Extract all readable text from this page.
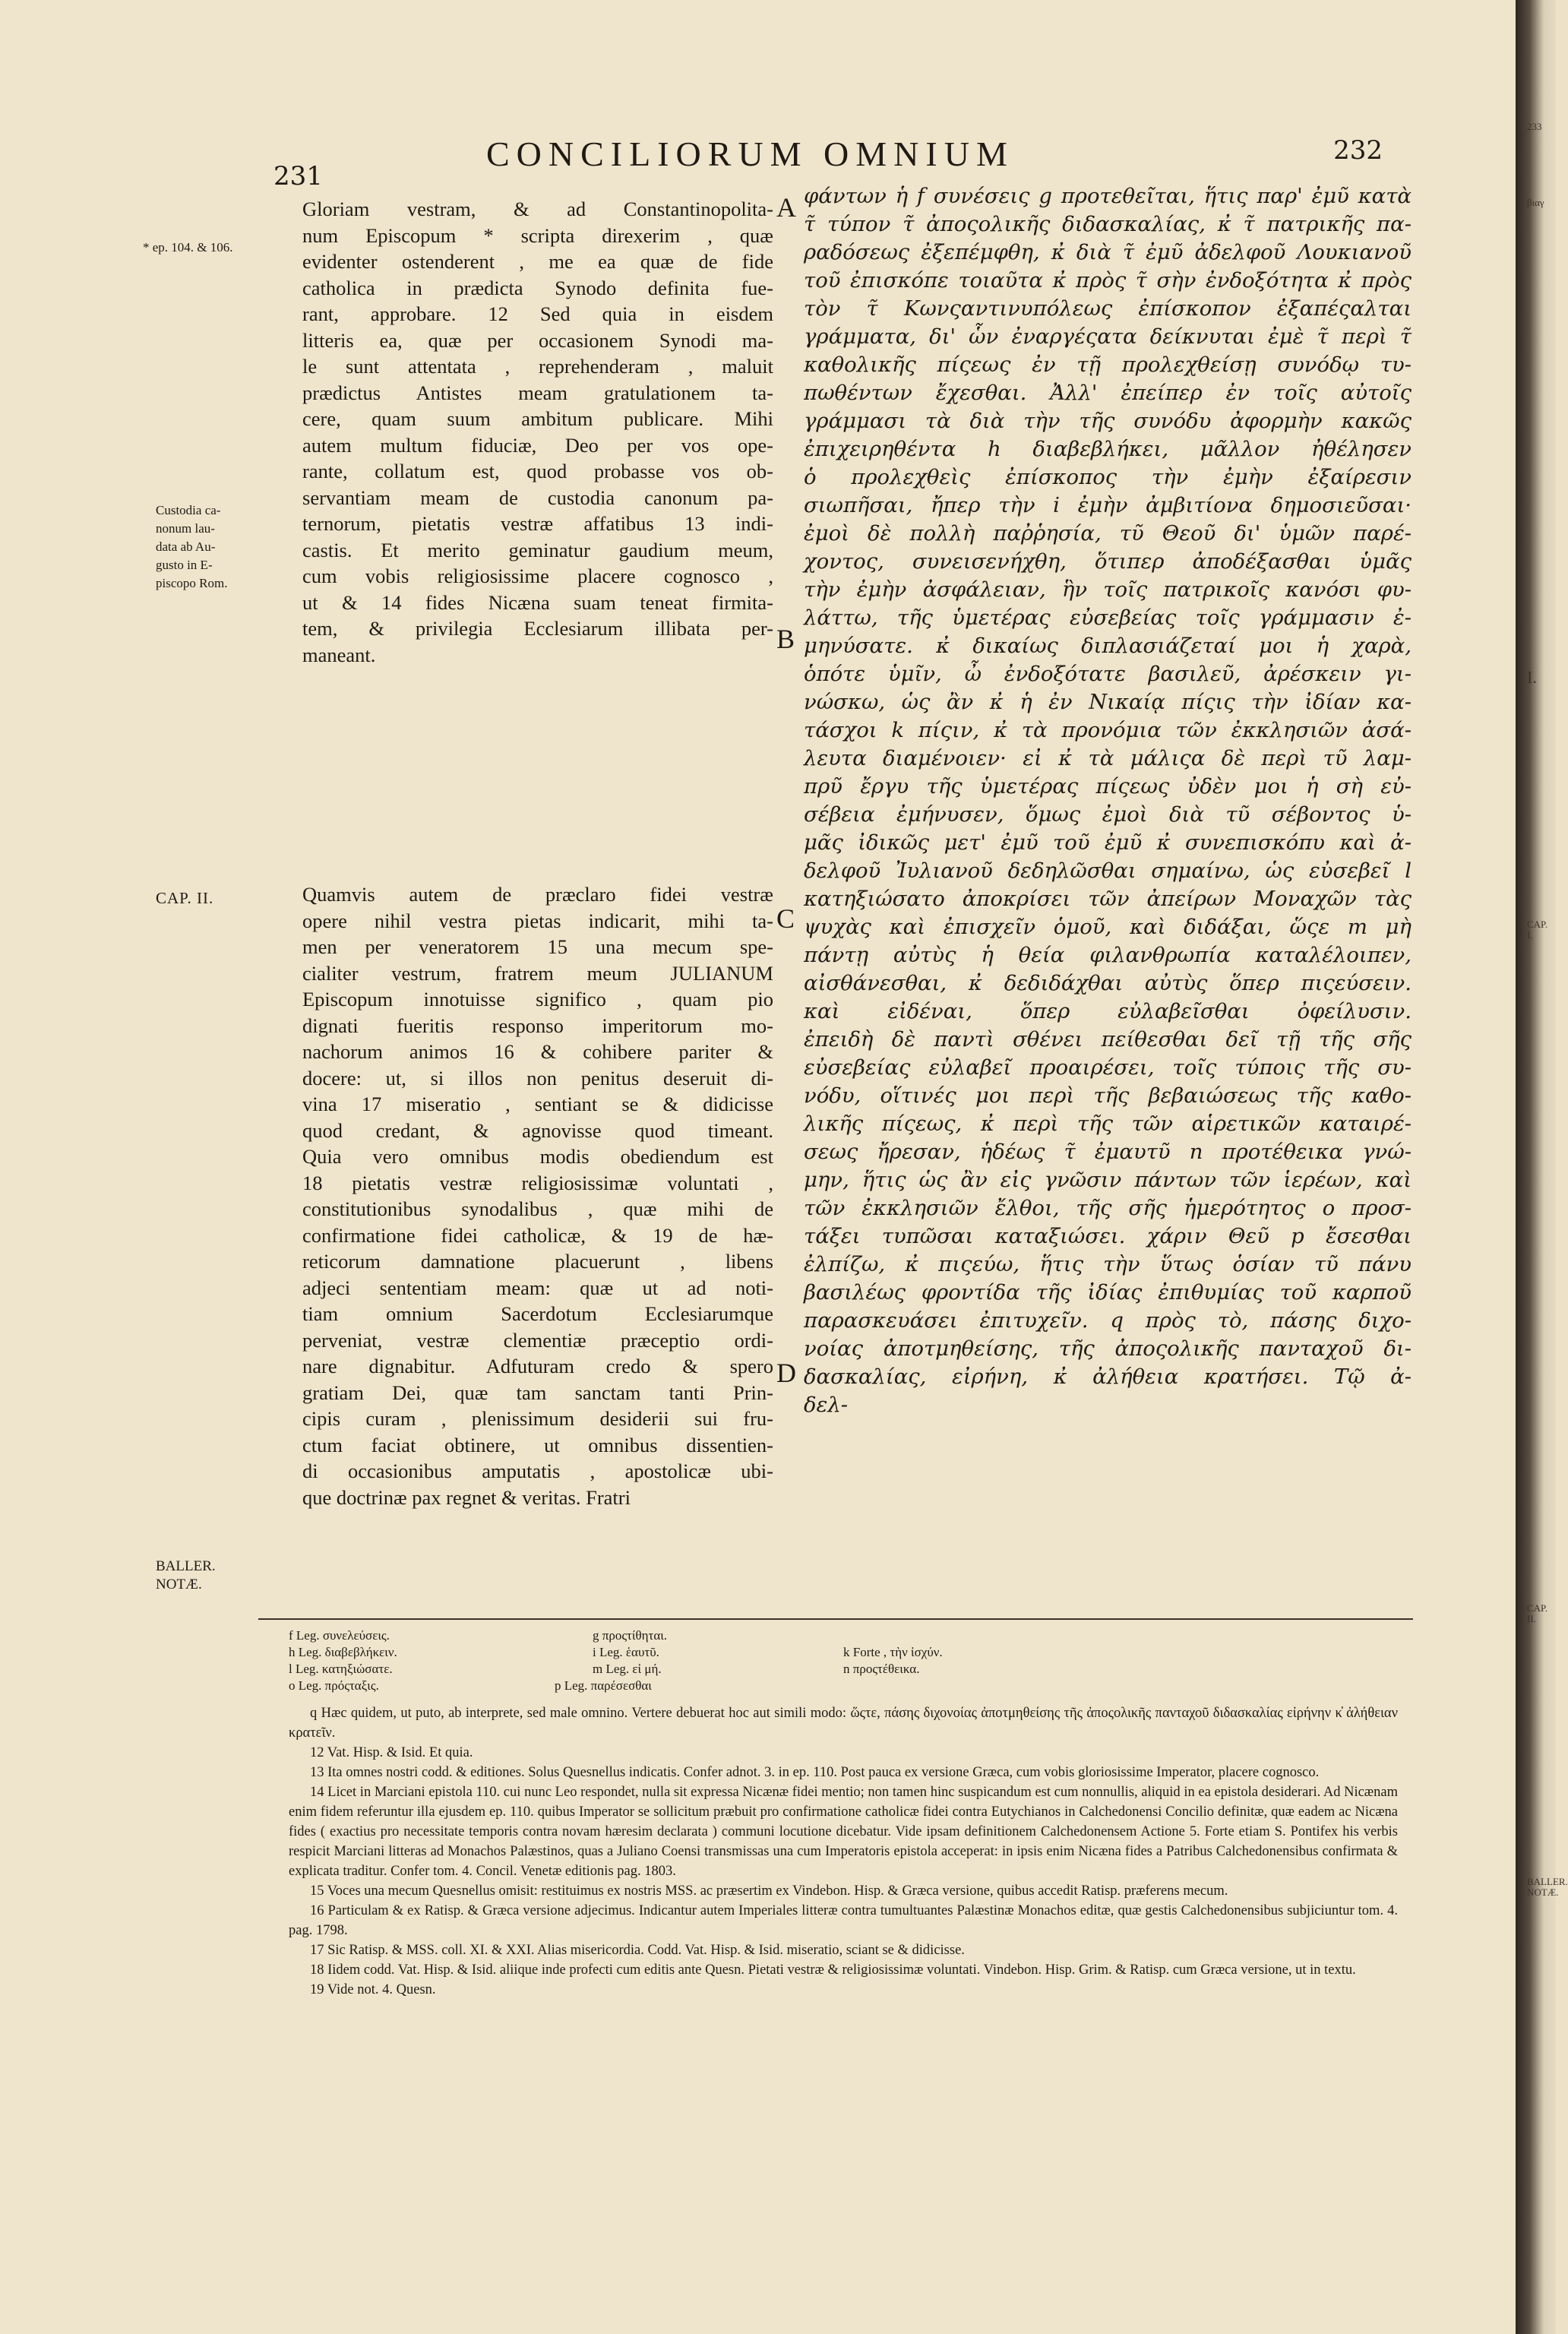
233
βιαγ
I.
CAP. I.
CAP. II.
BALLER. NOTÆ.
231
CONCILIORUM OMNIUM	232
* ep. 104. & 106.
Custodia ca-
nonum lau-
data ab Au-
gusto in E-
piscopo Rom.
CAP. II.
BALLER.
NOTÆ.
Gloriam vestram, & ad Constantinopolita-
num Episcopum * scripta direxerim , quæ
evidenter ostenderent , me ea quæ de fide
catholica in prædicta Synodo definita fue-
rant, approbare. 12 Sed quia in eisdem
litteris ea, quæ per occasionem Synodi ma-
le sunt attentata , reprehenderam , maluit
prædictus Antistes meam gratulationem ta-
cere, quam suum ambitum publicare. Mihi
autem multum fiduciæ, Deo per vos ope-
rante, collatum est, quod probasse vos ob-
servantiam meam de custodia canonum pa-
ternorum, pietatis vestræ affatibus 13 indi-
castis. Et merito geminatur gaudium meum,
cum vobis religiosissime placere cognosco ,
ut & 14 fides Nicæna suam teneat firmita-
tem, & privilegia Ecclesiarum illibata per-
maneant.
Quamvis autem de præclaro fidei vestræ
opere nihil vestra pietas indicarit, mihi ta-
men per veneratorem 15 una mecum spe-
cialiter vestrum, fratrem meum JULIANUM
Episcopum innotuisse significo , quam pio
dignati fueritis responso imperitorum mo-
nachorum animos 16 & cohibere pariter &
docere: ut, si illos non penitus deseruit di-
vina 17 miseratio , sentiant se & didicisse
quod credant, & agnovisse quod timeant.
Quia vero omnibus modis obediendum est
18 pietatis vestræ religiosissimæ voluntati ,
constitutionibus synodalibus , quæ mihi de
confirmatione fidei catholicæ, & 19 de hæ-
reticorum damnatione placuerunt , libens
adjeci sententiam meam: quæ ut ad noti-
tiam omnium Sacerdotum Ecclesiarumque
perveniat, vestræ clementiæ præceptio ordi-
nare dignabitur. Adfuturam credo & spero
gratiam Dei, quæ tam sanctam tanti Prin-
cipis curam , plenissimum desiderii sui fru-
ctum faciat obtinere, ut omnibus dissentien-
di occasionibus amputatis , apostolicæ ubi-
que doctrinæ pax regnet & veritas. Fratri
φάντων ἡ f συνέσεις g προτεθεῖται, ἥτις παρ' ἐμῦ κατὰ
τ̃ τύπον τ̃ ἀποςολικῆς διδασκαλίας, κ̓ τ̃ πατρικῆς πα-
ραδόσεως ἐξεπέμφθη, κ̓ διὰ τ̃ ἐμῦ ἀδελφοῦ Λουκιανοῦ
τοῦ ἐπισκόπε τοιαῦτα κ̓ πρὸς τ̃ σὴν ἐνδοξότητα κ̓ πρὸς
τὸν τ̃ Κωνςαντινυπόλεως ἐπίσκοπον ἐξαπέςαλται
γράμματα, δι' ὧν ἐναργέςατα δείκνυται ἐμὲ τ̃ περὶ τ̃
καθολικῆς πίςεως ἐν τῇ προλεχθείσῃ συνόδῳ τυ-
πωθέντων ἔχεσθαι. Ἀλλ' ἐπείπερ ἐν τοῖς αὐτοῖς
γράμμασι τὰ διὰ τὴν τῆς συνόδυ ἀφορμὴν κακῶς
ἐπιχειρηθέντα h διαβεβλήκει, μᾶλλον ἠθέλησεν
ὁ προλεχθεὶς ἐπίσκοπος τὴν ἐμὴν ἐξαίρεσιν
σιωπῆσαι, ἤπερ τὴν i ἐμὴν ἀμβιτίονα δημοσιεῦσαι·
ἐμοὶ δὲ πολλὴ παῤῥησία, τῦ Θεοῦ δι' ὑμῶν παρέ-
χοντος, συνεισενήχθη, ὅτιπερ ἀποδέξασθαι ὑμᾶς
τὴν ἐμὴν ἀσφάλειαν, ἣν τοῖς πατρικοῖς κανόσι φυ-
λάττω, τῆς ὑμετέρας εὐσεβείας τοῖς γράμμασιν ἐ-
μηνύσατε. κ̓ δικαίως διπλασιάζεταί μοι ἡ χαρὰ,
ὁπότε ὑμῖν, ὦ ἐνδοξότατε βασιλεῦ, ἀρέσκειν γι-
νώσκω, ὡς ἂν κ̓ ἡ ἐν Νικαίᾳ πίςις τὴν ἰδίαν κα-
τάσχοι k πίςιν, κ̓ τὰ προνόμια τῶν ἐκκλησιῶν ἀσά-
λευτα διαμένοιεν· εἰ κ̓ τὰ μάλιςα δὲ περὶ τῦ λαμ-
πρῦ ἔργυ τῆς ὑμετέρας πίςεως ὐδὲν μοι ἡ σὴ εὐ-
σέβεια ἐμήνυσεν, ὅμως ἐμοὶ διὰ τῦ σέβοντος ὑ-
μᾶς ἰδικῶς μετ' ἐμῦ τοῦ ἐμῦ κ̓ συνεπισκόπυ καὶ ἀ-
δελφοῦ Ἰυλιανοῦ δεδηλῶσθαι σημαίνω, ὡς εὐσεβεῖ l
κατηξιώσατο ἀποκρίσει τῶν ἀπείρων Μοναχῶν τὰς
ψυχὰς καὶ ἐπισχεῖν ὁμοῦ, καὶ διδάξαι, ὥςε m μὴ
πάντῃ αὐτὺς ἡ θεία φιλανθρωπία καταλέλοιπεν,
αἰσθάνεσθαι, κ̓ δεδιδάχθαι αὐτὺς ὅπερ πιςεύσειν.
καὶ εἰδέναι, ὅπερ εὐλαβεῖσθαι ὀφείλυσιν.
ἐπειδὴ δὲ παντὶ σθένει πείθεσθαι δεῖ τῇ τῆς σῆς
εὐσεβείας εὐλαβεῖ προαιρέσει, τοῖς τύποις τῆς συ-
νόδυ, οἵτινές μοι περὶ τῆς βεβαιώσεως τῆς καθο-
λικῆς πίςεως, κ̓ περὶ τῆς τῶν αἱρετικῶν καταιρέ-
σεως ἤρεσαν, ἡδέως τ̃ ἐμαυτῦ n προτέθεικα γνώ-
μην, ἥτις ὡς ἂν εἰς γνῶσιν πάντων τῶν ἱερέων, καὶ
τῶν ἐκκλησιῶν ἔλθοι, τῆς σῆς ἡμερότητος o προσ-
τάξει τυπῶσαι καταξιώσει. χάριν Θεῦ p ἔσεσθαι
ἐλπίζω, κ̓ πιςεύω, ἥτις τὴν ὕτως ὁσίαν τῦ πάνυ
βασιλέως φροντίδα τῆς ἰδίας ἐπιθυμίας τοῦ καρποῦ
παρασκευάσει ἐπιτυχεῖν. q πρὸς τὸ, πάσης διχο-
νοίας ἀποτμηθείσης, τῆς ἀποςολικῆς πανταχοῦ δι-
δασκαλίας, εἰρήνη, κ̓ ἀλήθεια κρατήσει. Τῷ ἀ-
δελ-
A
B
C
D
f Leg. συνελεύσεις.	g προςτίθηται.
h Leg. διαβεβλήκειν.	i Leg. ἑαυτῦ.	k Forte , τὴν ἰσχύν.
l Leg. κατηξιώσατε.	m Leg. εἰ μή.	n προςτέθεικα.
o Leg. πρόςταξις.	p Leg. παρέσεσθαι

q Hæc quidem, ut puto, ab interprete, sed male omnino. Vertere debuerat hoc aut simili modo: ὥςτε, πάσης διχονοίας ἀποτμηθείσης τῆς ἀποςολικῆς πανταχοῦ διδασκαλίας εἰρήνην κ̓ ἀλήθειαν κρατεῖν.

12 Vat. Hisp. & Isid. Et quia.

13 Ita omnes nostri codd. & editiones. Solus Quesnellus indicatis. Confer adnot. 3. in ep. 110. Post pauca ex versione Græca, cum vobis gloriosissime Imperator, placere cognosco.

14 Licet in Marciani epistola 110. cui nunc Leo respondet, nulla sit expressa Nicænæ fidei mentio; non tamen hinc suspicandum est cum nonnullis, aliquid in ea epistola desiderari. Ad Nicænam enim fidem referuntur illa ejusdem ep. 110. quibus Imperator se sollicitum præbuit pro confirmatione catholicæ fidei contra Eutychianos in Calchedonensi Concilio definitæ, quæ eadem ac Nicæna fides ( exactius pro necessitate temporis contra novam hæresim declarata ) communi locutione dicebatur. Vide ipsam definitionem Calchedonensem Actione 5. Forte etiam S. Pontifex his verbis respicit Marciani litteras ad Monachos Palæstinos, quas a Juliano Coensi transmissas una cum Imperatoris epistola acceperat: in ipsis enim Nicæna fides a Patribus Calchedonensibus confirmata & explicata traditur. Confer tom. 4. Concil. Venetæ editionis pag. 1803.

15 Voces una mecum Quesnellus omisit: restituimus ex nostris MSS. ac præsertim ex Vindebon. Hisp. & Græca versione, quibus accedit Ratisp. præferens mecum.

16 Particulam & ex Ratisp. & Græca versione adjecimus. Indicantur autem Imperiales litteræ contra tumultuantes Palæstinæ Monachos editæ, quæ gestis Calchedonensibus subjiciuntur tom. 4. pag. 1798.

17 Sic Ratisp. & MSS. coll. XI. & XXI. Alias misericordia. Codd. Vat. Hisp. & Isid. miseratio, sciant se & didicisse.

18 Iidem codd. Vat. Hisp. & Isid. aliique inde profecti cum editis ante Quesn. Pietati vestræ & religiosissimæ voluntati. Vindebon. Hisp. Grim. & Ratisp. cum Græca versione, ut in textu.

19 Vide not. 4. Quesn.
